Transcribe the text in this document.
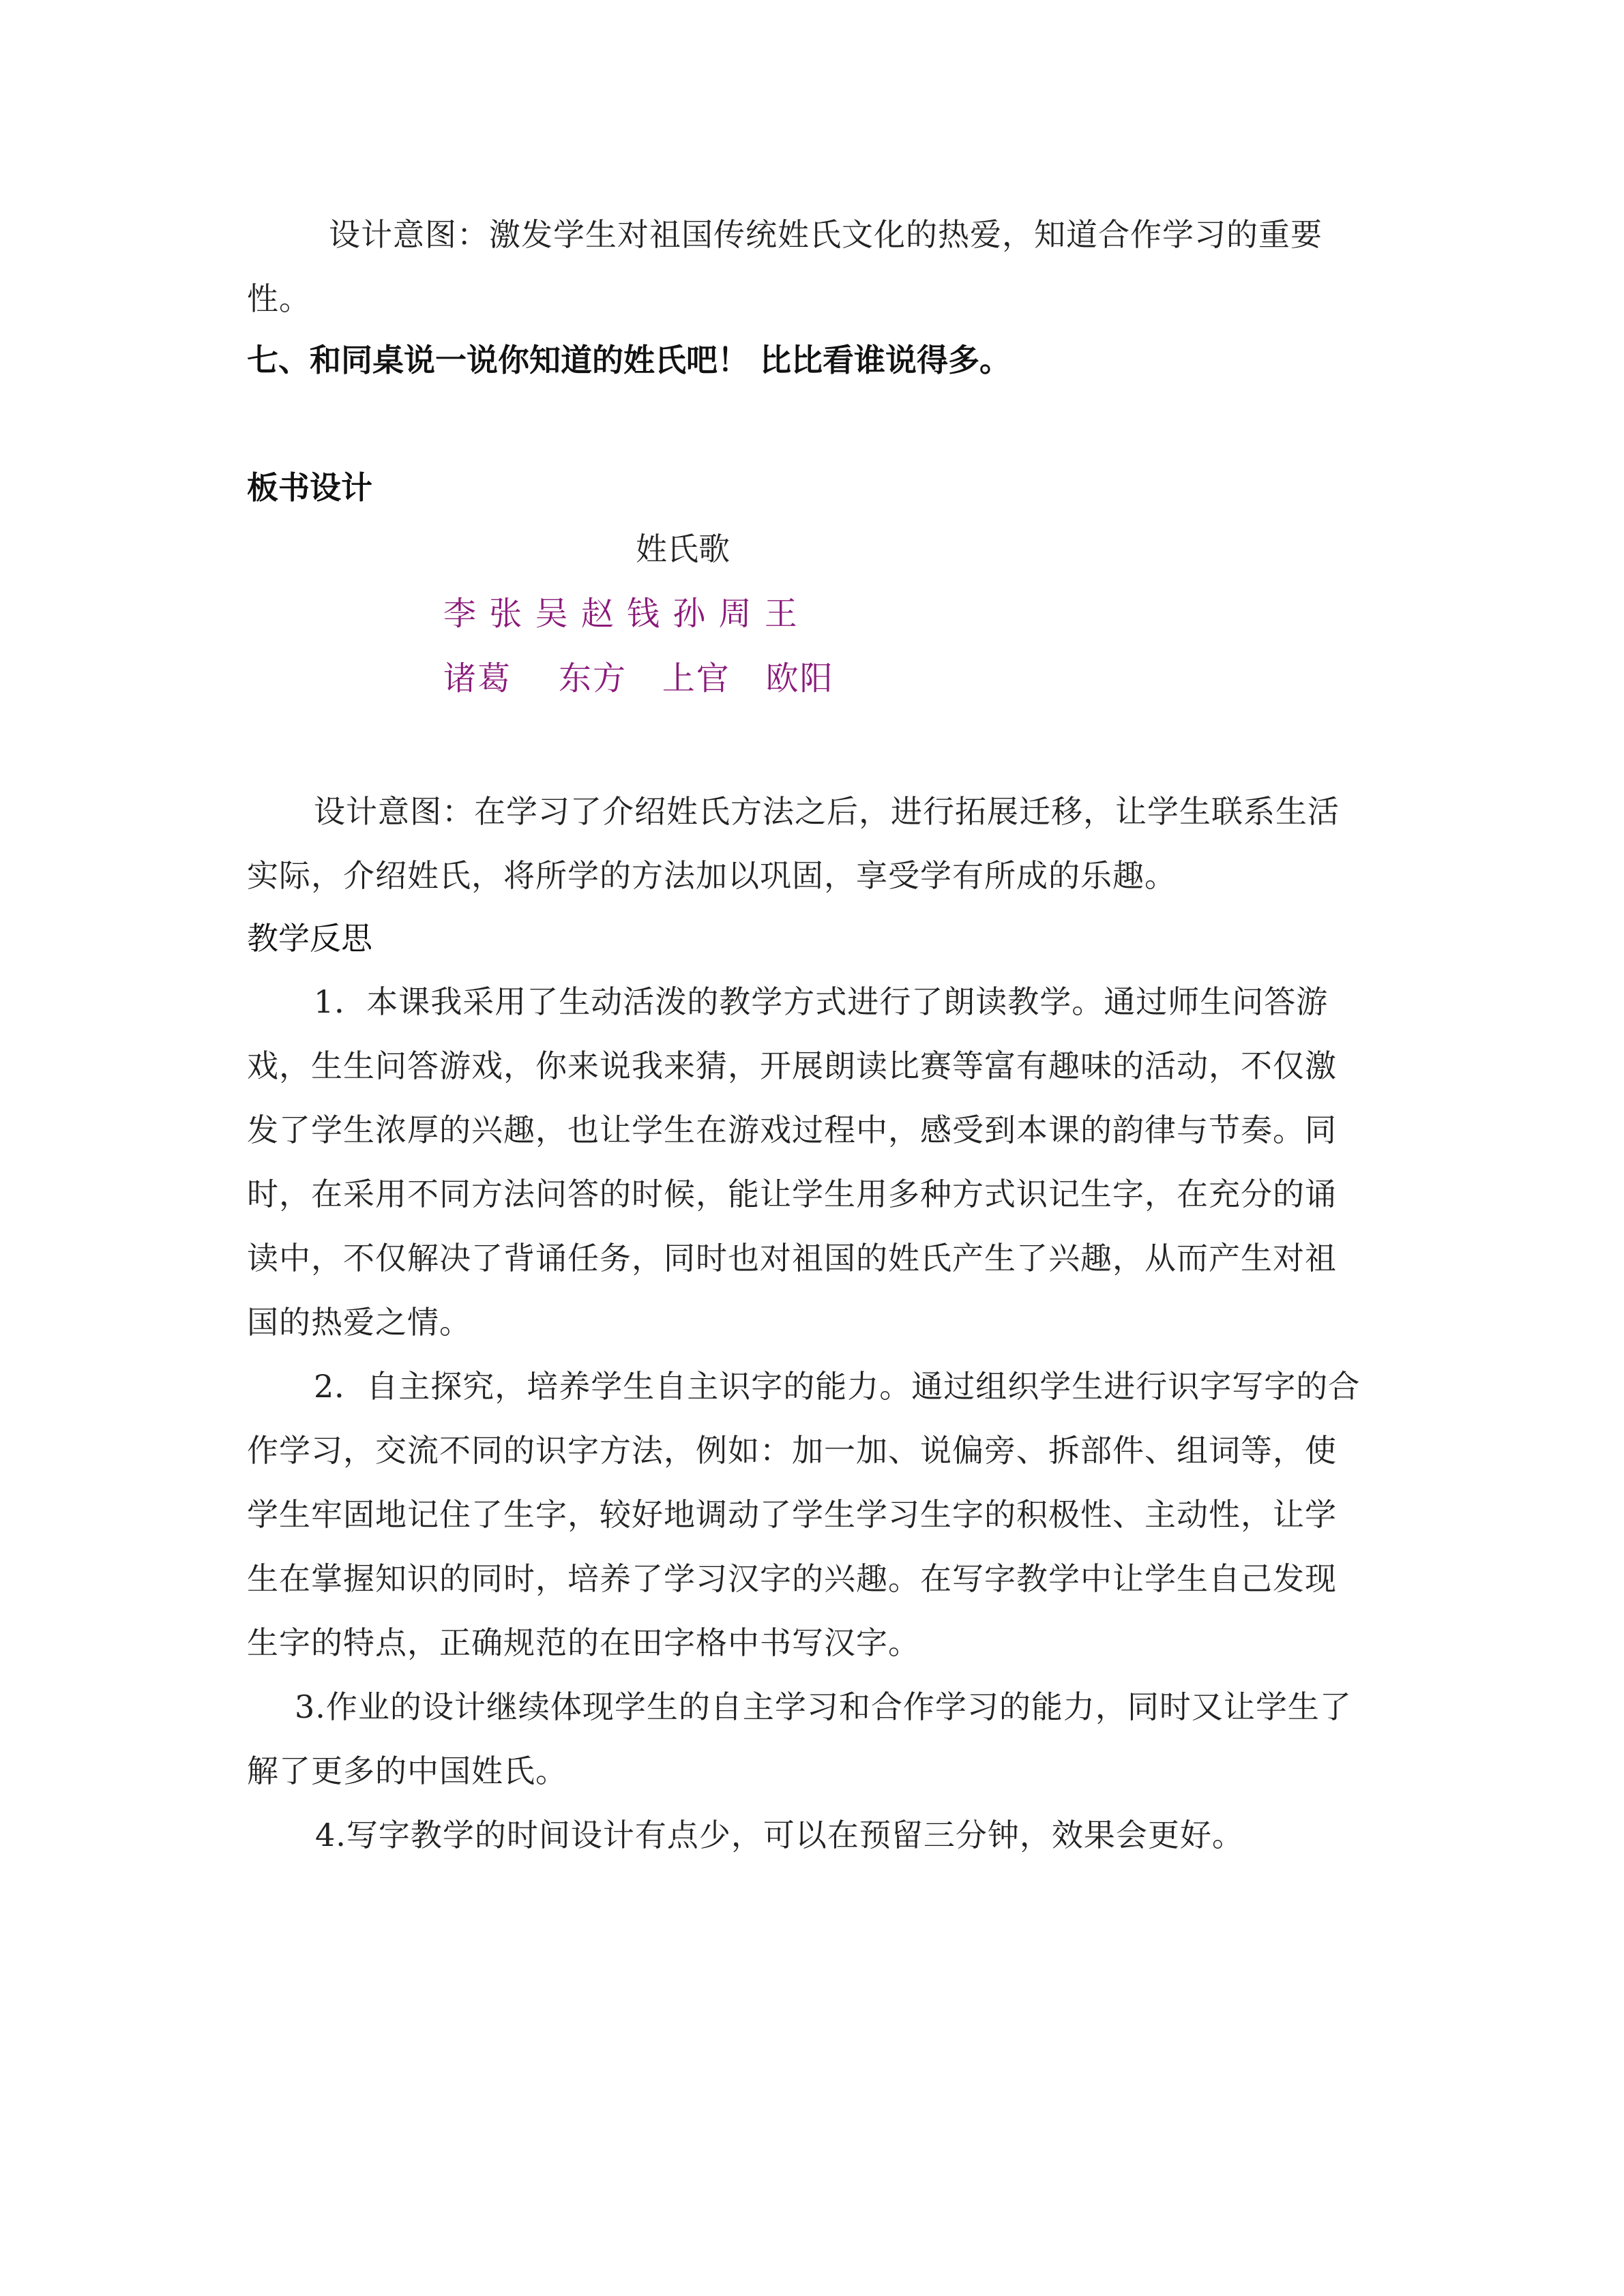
设计意图：激发学生对祖国传统姓氏文化的热爱，知道合作学习的重要
性。
七、和同桌说一说你知道的姓氏吧！ 比比看谁说得多。
板书设计
姓氏歌
李 张 吴 赵 钱 孙 周 王
诸葛    东方   上官   欧阳
设计意图：在学习了介绍姓氏方法之后，进行拓展迁移，让学生联系生活
实际，介绍姓氏，将所学的方法加以巩固，享受学有所成的乐趣。
教学反思
1．本课我采用了生动活泼的教学方式进行了朗读教学。通过师生问答游
戏，生生问答游戏，你来说我来猜，开展朗读比赛等富有趣味的活动，不仅激
发了学生浓厚的兴趣，也让学生在游戏过程中，感受到本课的韵律与节奏。同
时，在采用不同方法问答的时候，能让学生用多种方式识记生字，在充分的诵
读中，不仅解决了背诵任务，同时也对祖国的姓氏产生了兴趣，从而产生对祖
国的热爱之情。
2．自主探究，培养学生自主识字的能力。通过组织学生进行识字写字的合
作学习，交流不同的识字方法，例如：加一加、说偏旁、拆部件、组词等，使
学生牢固地记住了生字，较好地调动了学生学习生字的积极性、主动性，让学
生在掌握知识的同时，培养了学习汉字的兴趣。在写字教学中让学生自己发现
生字的特点，正确规范的在田字格中书写汉字。
3.作业的设计继续体现学生的自主学习和合作学习的能力，同时又让学生了
解了更多的中国姓氏。
4.写字教学的时间设计有点少，可以在预留三分钟，效果会更好。
